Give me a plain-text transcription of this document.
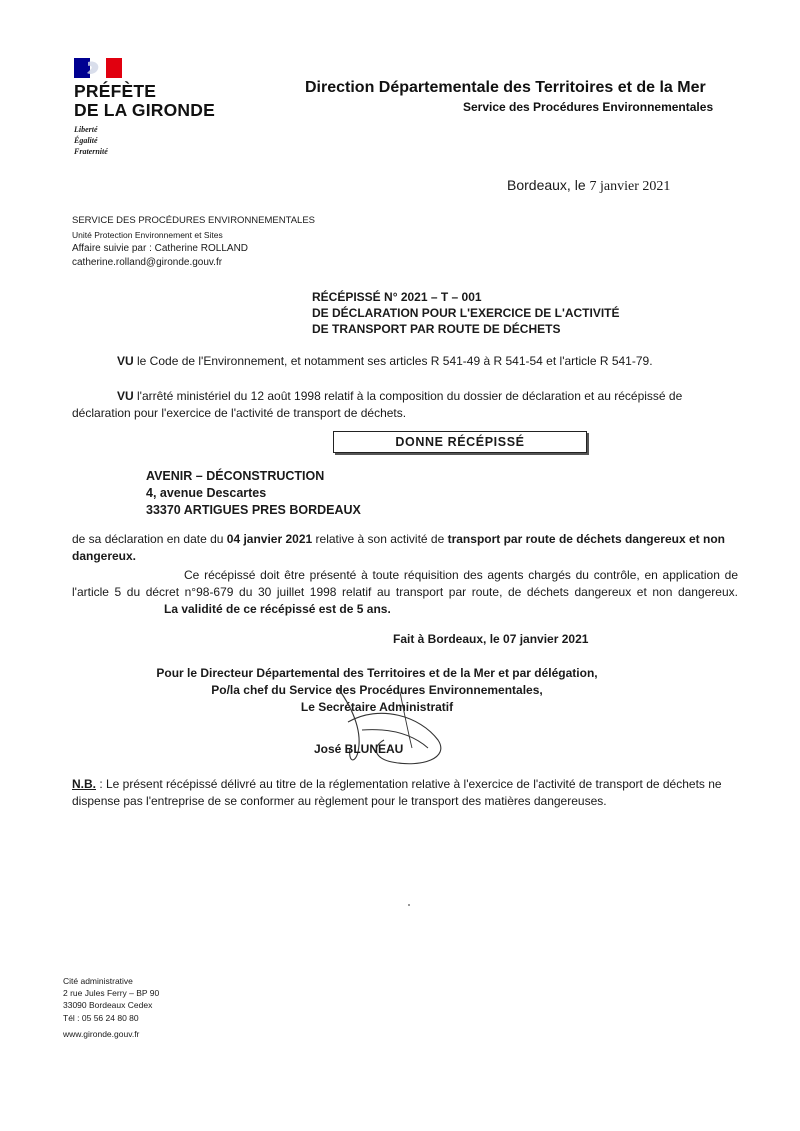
PRÉFÈTE
DE LA GIRONDE
Liberté
Égalité
Fraternité
Direction Départementale des Territoires et de la Mer
Service des Procédures Environnementales
Bordeaux, le 7 janvier 2021
SERVICE DES PROCÉDURES ENVIRONNEMENTALES
Unité Protection Environnement et Sites
Affaire suivie par : Catherine ROLLAND
catherine.rolland@gironde.gouv.fr
RÉCÉPISSÉ N° 2021 – T – 001
DE DÉCLARATION POUR L'EXERCICE DE L'ACTIVITÉ
DE TRANSPORT PAR ROUTE DE DÉCHETS
VU le Code de l'Environnement, et notamment ses articles R 541-49 à R 541-54 et l'article R 541-79.
VU l'arrêté ministériel du 12 août 1998 relatif à la composition du dossier de déclaration et au récépissé de déclaration pour l'exercice de l'activité de transport de déchets.
DONNE RÉCÉPISSÉ
AVENIR – DÉCONSTRUCTION
4, avenue Descartes
33370 ARTIGUES PRES BORDEAUX
de sa déclaration en date du 04 janvier 2021 relative à son activité de transport par route de déchets dangereux et non dangereux.
Ce récépissé doit être présenté à toute réquisition des agents chargés du contrôle, en application de l'article 5 du décret n°98-679 du 30 juillet 1998 relatif au transport par route, de déchets dangereux et non dangereux. La validité de ce récépissé est de 5 ans.
Fait à Bordeaux, le 07 janvier 2021
Pour le Directeur Départemental des Territoires et de la Mer et par délégation,
Po/la chef du Service des Procédures Environnementales,
Le Secrétaire Administratif
José BLUNEAU
N.B. : Le présent récépissé délivré au titre de la réglementation relative à l'exercice de l'activité de transport de déchets ne dispense pas l'entreprise de se conformer au règlement pour le transport des matières dangereuses.
Cité administrative
2 rue Jules Ferry – BP 90
33090 Bordeaux Cedex
Tél : 05 56 24 80 80
www.gironde.gouv.fr
